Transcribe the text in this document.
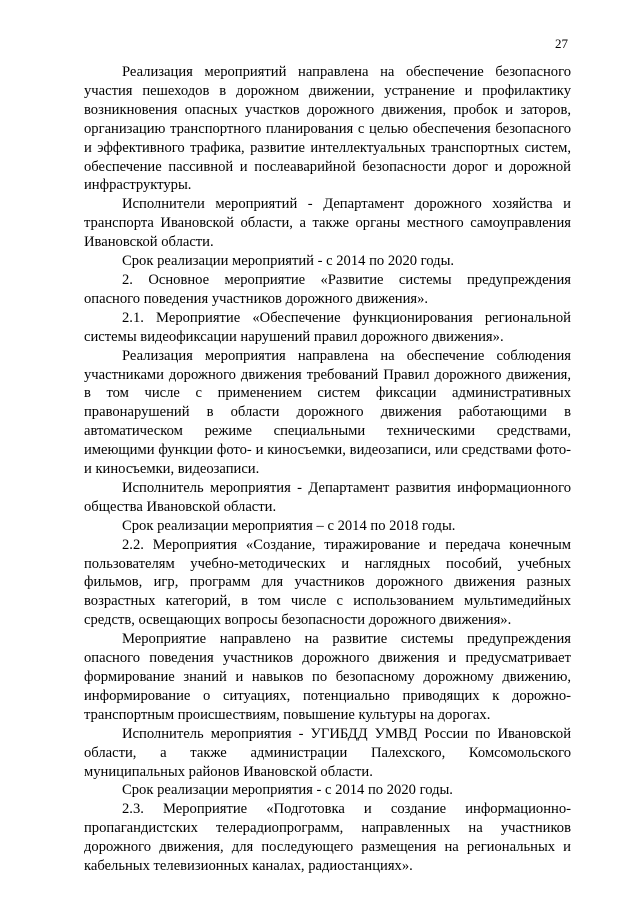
27

Реализация мероприятий направлена на обеспечение безопасного участия пешеходов в дорожном движении, устранение и профилактику возникновения опасных участков дорожного движения, пробок и заторов, организацию транспортного планирования с целью обеспечения безопасного и эффективного трафика, развитие интеллектуальных транспортных систем, обеспечение пассивной и послеаварийной безопасности дорог и дорожной инфраструктуры.

Исполнители мероприятий - Департамент дорожного хозяйства и транспорта Ивановской области, а также органы местного самоуправления Ивановской области.

Срок реализации мероприятий - с 2014 по 2020 годы.

2. Основное мероприятие «Развитие системы предупреждения опасного поведения участников дорожного движения».

2.1. Мероприятие «Обеспечение функционирования региональной системы видеофиксации нарушений правил дорожного движения».

Реализация мероприятия направлена на обеспечение соблюдения участниками дорожного движения требований Правил дорожного движения, в том числе с применением систем фиксации административных правонарушений в области дорожного движения работающими в автоматическом режиме специальными техническими средствами, имеющими функции фото- и киносъемки, видеозаписи, или средствами фото- и киносъемки, видеозаписи.

Исполнитель мероприятия - Департамент развития информационного общества Ивановской области.

Срок реализации мероприятия – с 2014 по 2018 годы.

2.2. Мероприятия «Создание, тиражирование и передача конечным пользователям учебно-методических и наглядных пособий, учебных фильмов, игр, программ для участников дорожного движения разных возрастных категорий, в том числе с использованием мультимедийных средств, освещающих вопросы безопасности дорожного движения».

Мероприятие направлено на развитие системы предупреждения опасного поведения участников дорожного движения и предусматривает формирование знаний и навыков по безопасному дорожному движению, информирование о ситуациях, потенциально приводящих к дорожно-транспортным происшествиям, повышение культуры на дорогах.

Исполнитель мероприятия - УГИБДД УМВД России по Ивановской области, а также администрации Палехского, Комсомольского муниципальных районов Ивановской области.

Срок реализации мероприятия - с 2014 по 2020 годы.

2.3. Мероприятие «Подготовка и создание информационно-пропагандистских телерадиопрограмм, направленных на участников дорожного движения, для последующего размещения на региональных и кабельных телевизионных каналах, радиостанциях».
